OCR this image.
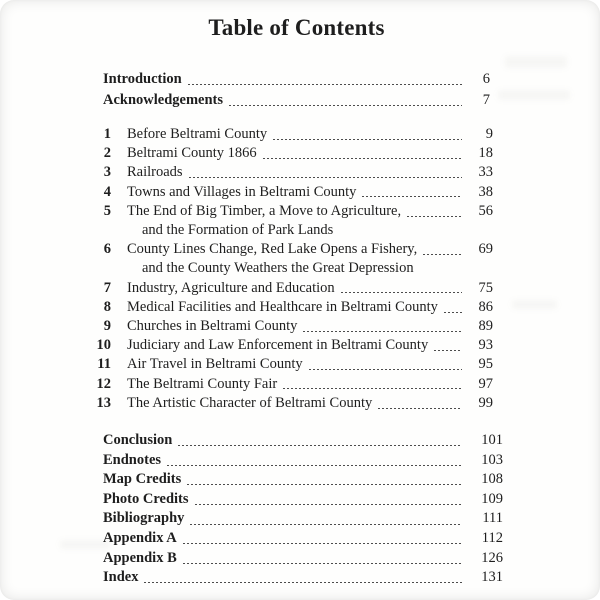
Table of Contents
Introduction	6
Acknowledgements	7
1 Before Beltrami County	9
2 Beltrami County 1866	18
3 Railroads	33
4 Towns and Villages in Beltrami County	38
5 The End of Big Timber, a Move to Agriculture,	56
and the Formation of Park Lands
6 County Lines Change, Red Lake Opens a Fishery,	69
and the County Weathers the Great Depression
7 Industry, Agriculture and Education	75
8 Medical Facilities and Healthcare in Beltrami County	86
9 Churches in Beltrami County	89
10 Judiciary and Law Enforcement in Beltrami County	93
11 Air Travel in Beltrami County	95
12 The Beltrami County Fair	97
13 The Artistic Character of Beltrami County	99
Conclusion	101
Endnotes	103
Map Credits	108
Photo Credits	109
Bibliography	111
Appendix A	112
Appendix B	126
Index	131
